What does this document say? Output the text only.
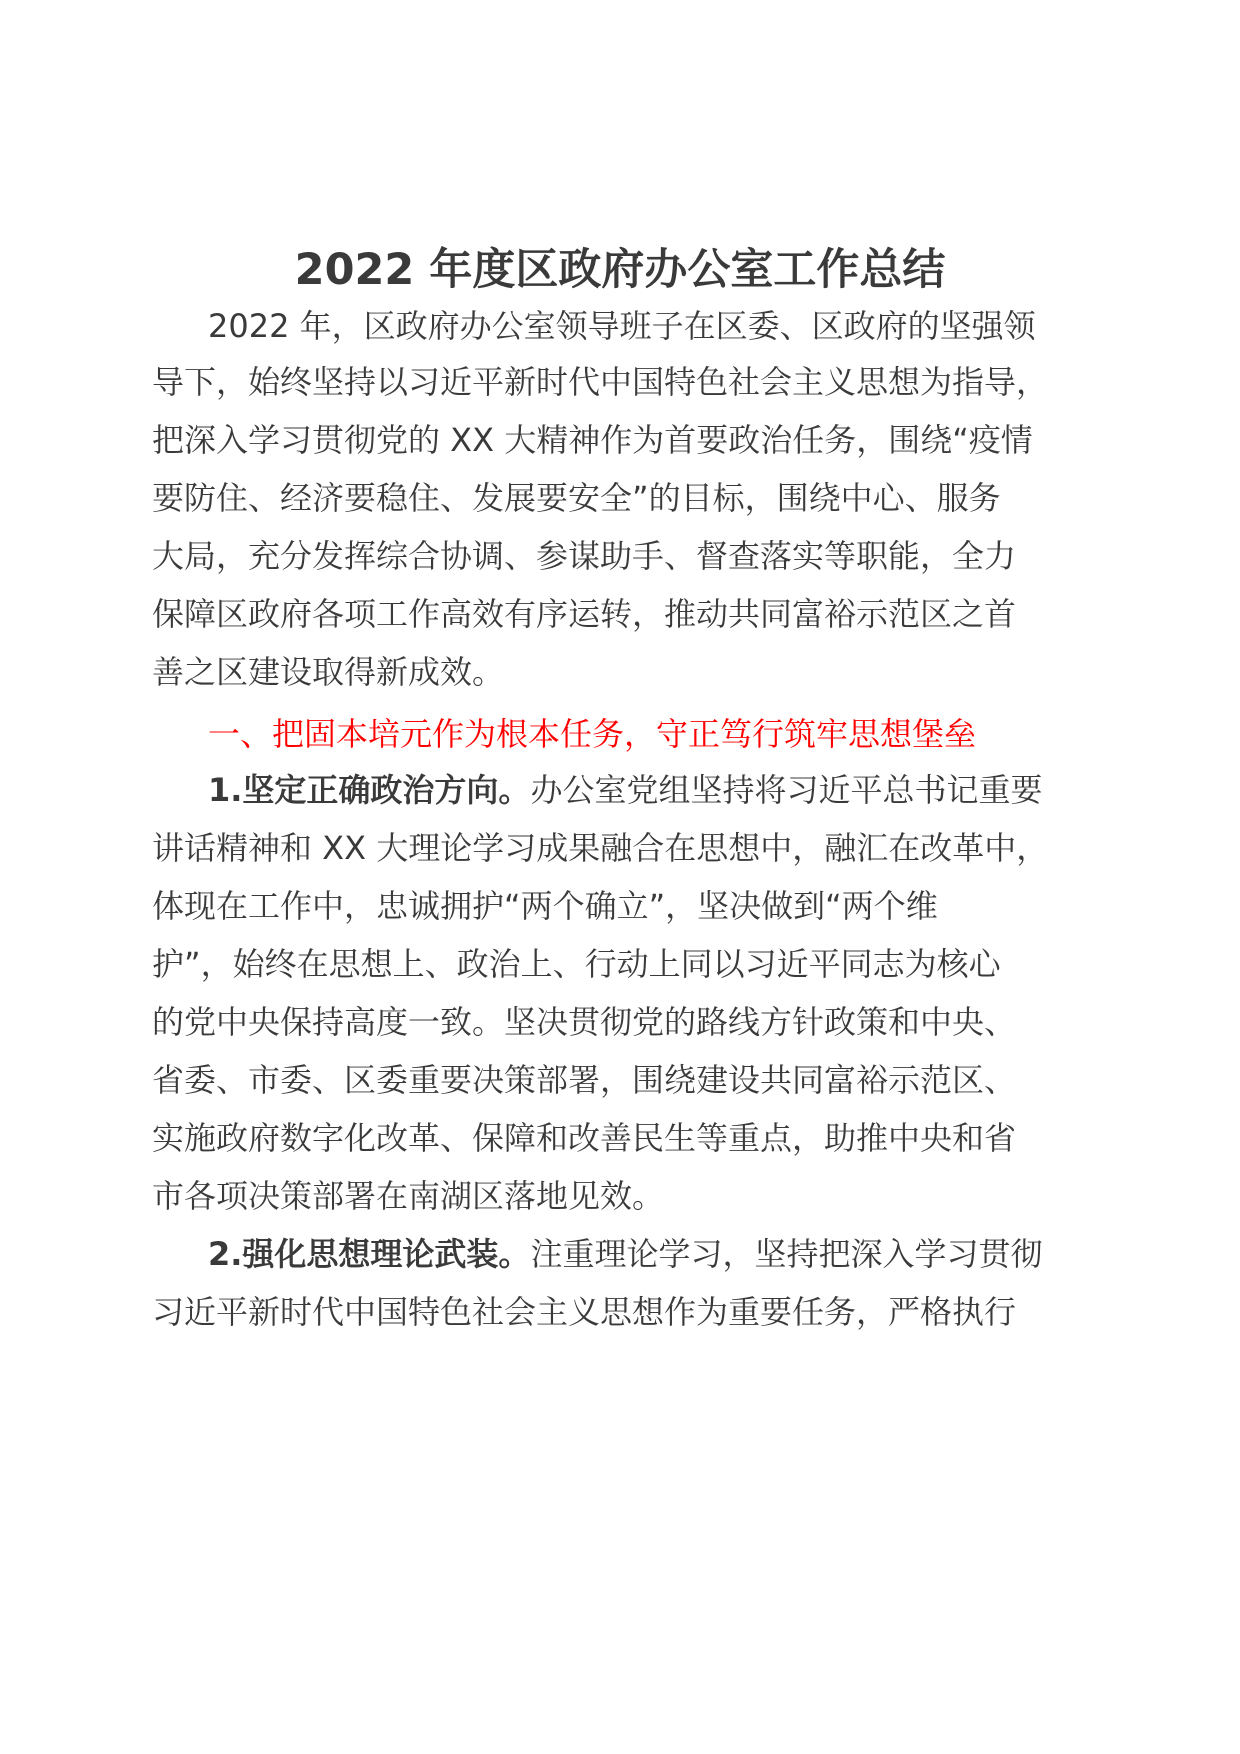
2022 年度区政府办公室工作总结
2022 年，区政府办公室领导班子在区委、区政府的坚强领
导下，始终坚持以习近平新时代中国特色社会主义思想为指导，
把深入学习贯彻党的 XX 大精神作为首要政治任务，围绕“疫情
要防住、经济要稳住、发展要安全”的目标，围绕中心、服务
大局，充分发挥综合协调、参谋助手、督查落实等职能，全力
保障区政府各项工作高效有序运转，推动共同富裕示范区之首
善之区建设取得新成效。
一、把固本培元作为根本任务，守正笃行筑牢思想堡垒
1.坚定正确政治方向。办公室党组坚持将习近平总书记重要
讲话精神和 XX 大理论学习成果融合在思想中，融汇在改革中，
体现在工作中，忠诚拥护“两个确立”，坚决做到“两个维
护”，始终在思想上、政治上、行动上同以习近平同志为核心
的党中央保持高度一致。坚决贯彻党的路线方针政策和中央、
省委、市委、区委重要决策部署，围绕建设共同富裕示范区、
实施政府数字化改革、保障和改善民生等重点，助推中央和省
市各项决策部署在南湖区落地见效。
2.强化思想理论武装。注重理论学习，坚持把深入学习贯彻
习近平新时代中国特色社会主义思想作为重要任务，严格执行
